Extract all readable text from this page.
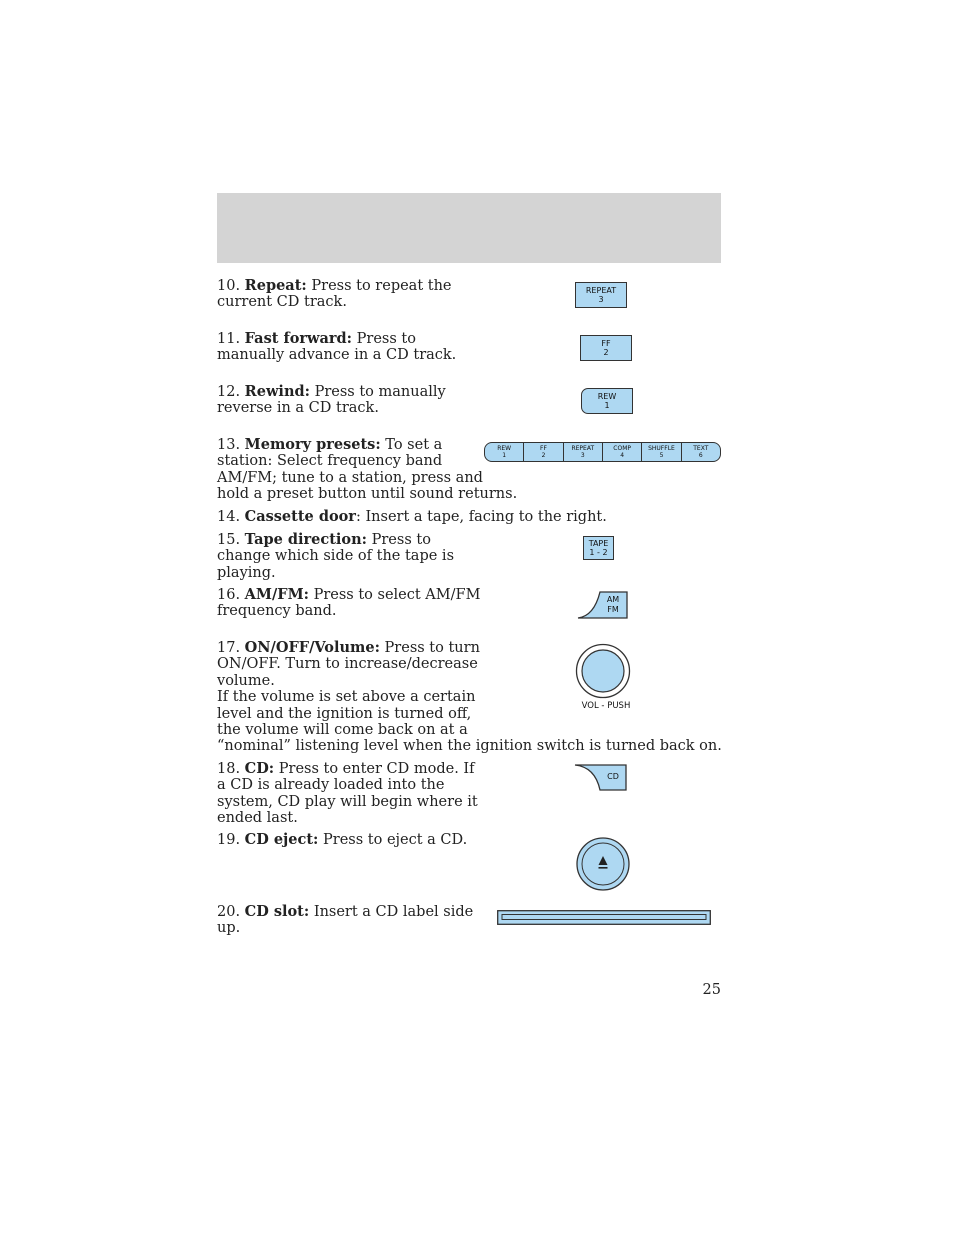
10. Repeat: Press to repeat the
current CD track.
REPEAT
3
11. Fast forward: Press to
manually advance in a CD track.
FF
2
12. Rewind: Press to manually
reverse in a CD track.
REW
1
13. Memory presets: To set a
station: Select frequency band
AM/FM; tune to a station, press and
hold a preset button until sound returns.
REW
1
FF
2
REPEAT
3
COMP
4
SHUFFLE
5
TEXT
6
14. Cassette door: Insert a tape, facing to the right.
15. Tape direction: Press to
change which side of the tape is
playing.
TAPE
1 - 2
16. AM/FM: Press to select AM/FM
frequency band.
AM
FM
17. ON/OFF/Volume: Press to turn
ON/OFF. Turn to increase/decrease
volume.
If the volume is set above a certain
level and the ignition is turned off,
the volume will come back on at a
“nominal” listening level when the ignition switch is turned back on.
VOL - PUSH
18. CD: Press to enter CD mode. If
a CD is already loaded into the
system, CD play will begin where it
ended last.
CD
19. CD eject: Press to eject a CD.
20. CD slot: Insert a CD label side
up.
25
